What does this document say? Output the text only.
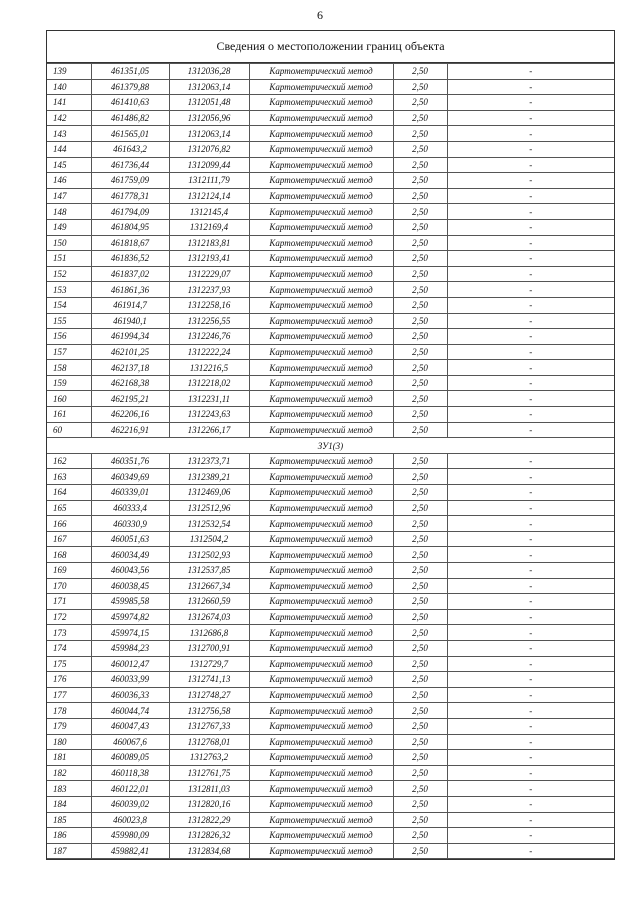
6
Сведения о местоположении границ объекта
139	461351,05	1312036,28	Картометрический метод	2,50	-
140	461379,88	1312063,14	Картометрический метод	2,50	-
141	461410,63	1312051,48	Картометрический метод	2,50	-
142	461486,82	1312056,96	Картометрический метод	2,50	-
143	461565,01	1312063,14	Картометрический метод	2,50	-
144	461643,2	1312076,82	Картометрический метод	2,50	-
145	461736,44	1312099,44	Картометрический метод	2,50	-
146	461759,09	1312111,79	Картометрический метод	2,50	-
147	461778,31	1312124,14	Картометрический метод	2,50	-
148	461794,09	1312145,4	Картометрический метод	2,50	-
149	461804,95	1312169,4	Картометрический метод	2,50	-
150	461818,67	1312183,81	Картометрический метод	2,50	-
151	461836,52	1312193,41	Картометрический метод	2,50	-
152	461837,02	1312229,07	Картометрический метод	2,50	-
153	461861,36	1312237,93	Картометрический метод	2,50	-
154	461914,7	1312258,16	Картометрический метод	2,50	-
155	461940,1	1312256,55	Картометрический метод	2,50	-
156	461994,34	1312246,76	Картометрический метод	2,50	-
157	462101,25	1312222,24	Картометрический метод	2,50	-
158	462137,18	1312216,5	Картометрический метод	2,50	-
159	462168,38	1312218,02	Картометрический метод	2,50	-
160	462195,21	1312231,11	Картометрический метод	2,50	-
161	462206,16	1312243,63	Картометрический метод	2,50	-
60	462216,91	1312266,17	Картометрический метод	2,50	-
ЗУ1(3)					
162	460351,76	1312373,71	Картометрический метод	2,50	-
163	460349,69	1312389,21	Картометрический метод	2,50	-
164	460339,01	1312469,06	Картометрический метод	2,50	-
165	460333,4	1312512,96	Картометрический метод	2,50	-
166	460330,9	1312532,54	Картометрический метод	2,50	-
167	460051,63	1312504,2	Картометрический метод	2,50	-
168	460034,49	1312502,93	Картометрический метод	2,50	-
169	460043,56	1312537,85	Картометрический метод	2,50	-
170	460038,45	1312667,34	Картометрический метод	2,50	-
171	459985,58	1312660,59	Картометрический метод	2,50	-
172	459974,82	1312674,03	Картометрический метод	2,50	-
173	459974,15	1312686,8	Картометрический метод	2,50	-
174	459984,23	1312700,91	Картометрический метод	2,50	-
175	460012,47	1312729,7	Картометрический метод	2,50	-
176	460033,99	1312741,13	Картометрический метод	2,50	-
177	460036,33	1312748,27	Картометрический метод	2,50	-
178	460044,74	1312756,58	Картометрический метод	2,50	-
179	460047,43	1312767,33	Картометрический метод	2,50	-
180	460067,6	1312768,01	Картометрический метод	2,50	-
181	460089,05	1312763,2	Картометрический метод	2,50	-
182	460118,38	1312761,75	Картометрический метод	2,50	-
183	460122,01	1312811,03	Картометрический метод	2,50	-
184	460039,02	1312820,16	Картометрический метод	2,50	-
185	460023,8	1312822,29	Картометрический метод	2,50	-
186	459980,09	1312826,32	Картометрический метод	2,50	-
187	459882,41	1312834,68	Картометрический метод	2,50	-
